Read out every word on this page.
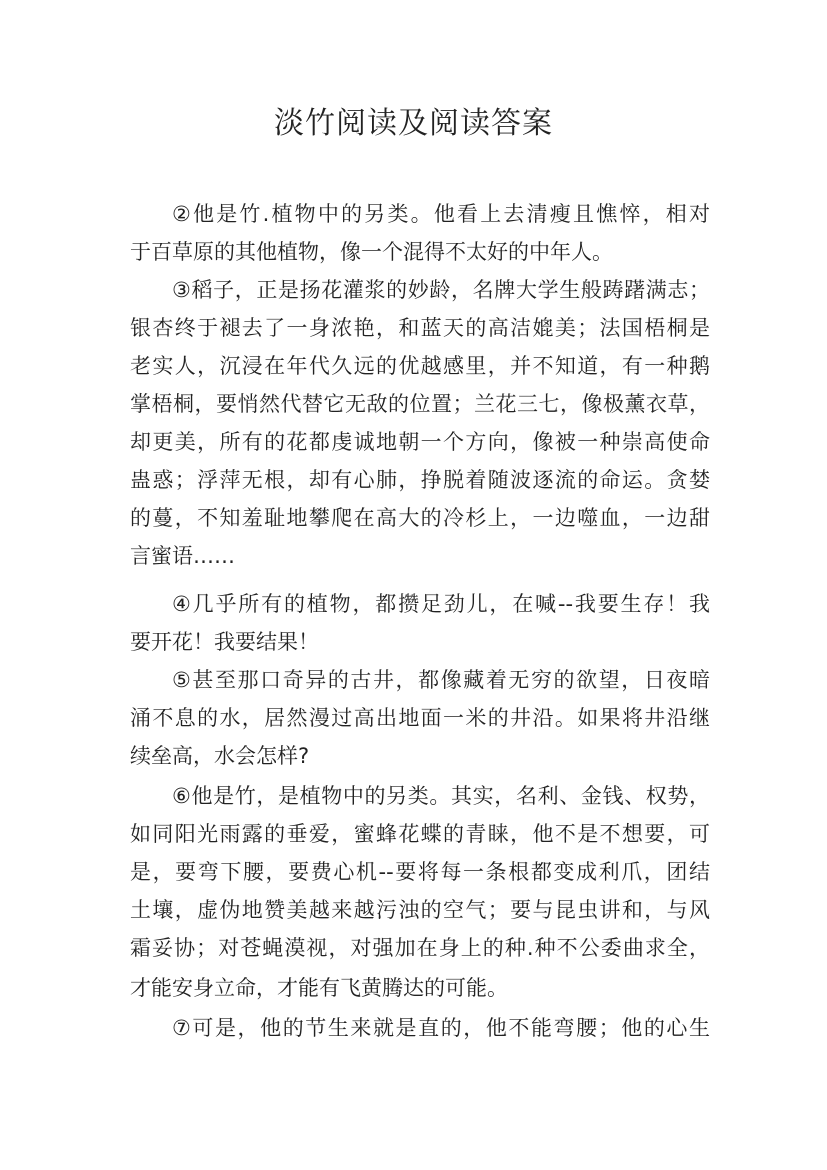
淡竹阅读及阅读答案
②他是竹.植物中的另类。他看上去清瘦且憔悴，相对
于百草原的其他植物，像一个混得不太好的中年人。
③稻子，正是扬花灌浆的妙龄，名牌大学生般踌躇满志；
银杏终于褪去了一身浓艳，和蓝天的高洁媲美；法国梧桐是
老实人，沉浸在年代久远的优越感里，并不知道，有一种鹅
掌梧桐，要悄然代替它无敌的位置；兰花三七，像极薰衣草，
却更美，所有的花都虔诚地朝一个方向，像被一种崇高使命
蛊惑；浮萍无根，却有心肺，挣脱着随波逐流的命运。贪婪
的蔓，不知羞耻地攀爬在高大的冷杉上，一边噬血，一边甜
言蜜语……
④几乎所有的植物，都攒足劲儿，在喊--我要生存！我
要开花！我要结果！
⑤甚至那口奇异的古井，都像藏着无穷的欲望，日夜暗
涌不息的水，居然漫过高出地面一米的井沿。如果将井沿继
续垒高，水会怎样?
⑥他是竹，是植物中的另类。其实，名利、金钱、权势，
如同阳光雨露的垂爱，蜜蜂花蝶的青睐，他不是不想要，可
是，要弯下腰，要费心机--要将每一条根都变成利爪，团结
土壤，虚伪地赞美越来越污浊的空气；要与昆虫讲和，与风
霜妥协；对苍蝇漠视，对强加在身上的种.种不公委曲求全，
才能安身立命，才能有飞黄腾达的可能。
⑦可是，他的节生来就是直的，他不能弯腰；他的心生
